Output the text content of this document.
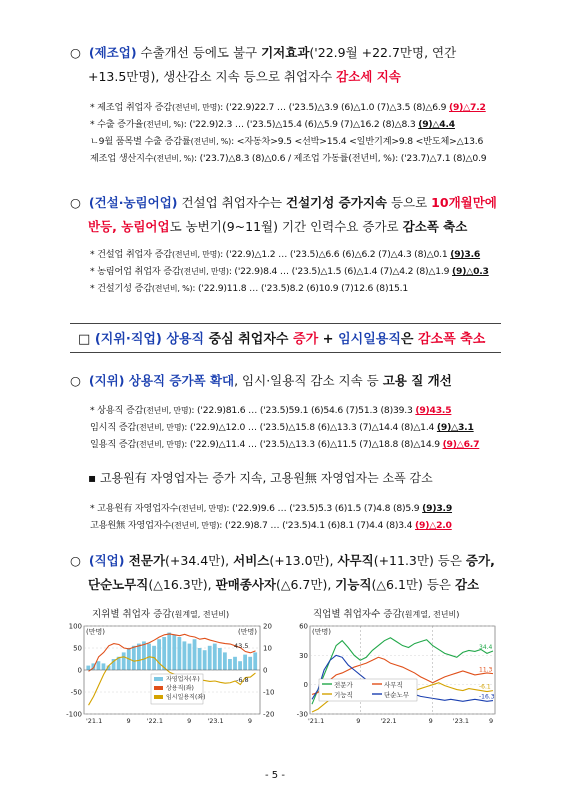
○ (제조업) 수출개선 등에도 불구 기저효과('22.9월 +22.7만명, 연간
+13.5만명), 생산감소 지속 등으로 취업자수 감소세 지속
* 제조업 취업자 증감(전년비, 만명): ('22.9)22.7 … ('23.5)△3.9 (6)△1.0 (7)△3.5 (8)△6.9 (9)△7.2
* 수출 증가율(전년비, %): ('22.9)2.3 … ('23.5)△15.4 (6)△5.9 (7)△16.2 (8)△8.3 (9)△4.4
ㄴ9월 품목별 수출 증감률(전년비, %): <자동차>9.5 <선박>15.4 <일반기계>9.8 <반도체>△13.6
제조업 생산지수(전년비, %): ('23.7)△8.3 (8)△0.6 / 제조업 가동률(전년비, %): ('23.7)△7.1 (8)△0.9
○ (건설·농림어업) 건설업 취업자수는 건설기성 증가지속 등으로 10개월만에
반등, 농림어업도 농번기(9~11월) 기간 인력수요 증가로 감소폭 축소
* 건설업 취업자 증감(전년비, 만명): ('22.9)△1.2 … ('23.5)△6.6 (6)△6.2 (7)△4.3 (8)△0.1 (9)3.6
* 농림어업 취업자 증감(전년비, 만명): ('22.9)8.4 … ('23.5)△1.5 (6)△1.4 (7)△4.2 (8)△1.9 (9)△0.3
* 건설기성 증감(전년비, %): ('22.9)11.8 … ('23.5)8.2 (6)10.9 (7)12.6 (8)15.1
□ (지위·직업) 상용직 중심 취업자수 증가 + 임시일용직은 감소폭 축소
○ (지위) 상용직 증가폭 확대, 임시·일용직 감소 지속 등 고용 질 개선
* 상용직 증감(전년비, 만명): ('22.9)81.6 … ('23.5)59.1 (6)54.6 (7)51.3 (8)39.3 (9)43.5
임시직 증감(전년비, 만명): ('22.9)△12.0 … ('23.5)△15.8 (6)△13.3 (7)△14.4 (8)△1.4 (9)△3.1
일용직 증감(전년비, 만명): ('22.9)△11.4 … ('23.5)△13.3 (6)△11.5 (7)△18.8 (8)△14.9 (9)△6.7
▪ 고용원有 자영업자는 증가 지속, 고용원無 자영업자는 소폭 감소
* 고용원有 자영업자수(전년비, 만명): ('22.9)9.6 … ('23.5)5.3 (6)1.5 (7)4.8 (8)5.9 (9)3.9
고용원無 자영업자수(전년비, 만명): ('22.9)8.7 … ('23.5)4.1 (6)8.1 (7)4.4 (8)3.4 (9)△2.0
○ (직업) 전문가(+34.4만), 서비스(+13.0만), 사무직(+11.3만) 등은 증가,
단순노무직(△16.3만), 판매종사자(△6.7만), 기능직(△6.1만) 등은 감소
지위별 취업자 증감(원계열, 전년비)	직업별 취업자수 증감(원계열, 전년비)
100
50
0
-50
-100
20
10
0
-10
-20
(만명)	(만명)
자영업자(우)
상용직(좌)
임시일용직(좌)
43.5
-6.8
'21.1	9 '22.1	9 '23.1	9
60
30
0
-30
(만명)
전문가	사무직
기능직	단순노무
34.4
11.3
-6.1
-16.3
'21.1	9	'22.1	9	'23.1	9
- 5 -
